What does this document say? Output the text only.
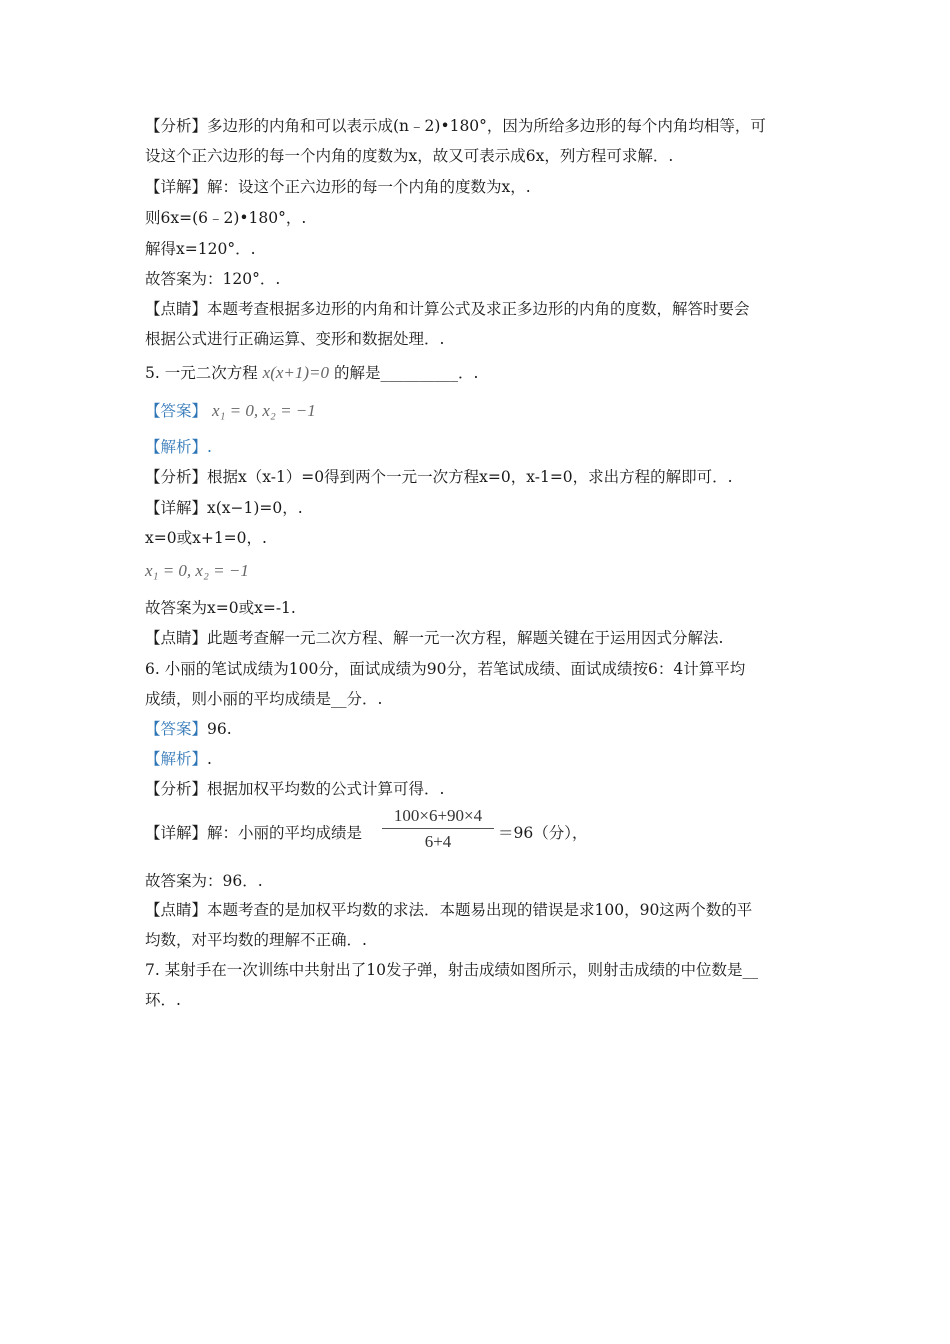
【分析】多边形的内角和可以表示成(n﹣2)•180°，因为所给多边形的每个内角均相等，可
设这个正六边形的每一个内角的度数为x，故又可表示成6x，列方程可求解．.
【详解】解：设这个正六边形的每一个内角的度数为x，.
则6x=(6﹣2)•180°，.
解得x=120°．.
故答案为：120°．.
【点睛】本题考查根据多边形的内角和计算公式及求正多边形的内角的度数，解答时要会
根据公式进行正确运算、变形和数据处理．.
5. 一元二次方程 x(x+1)=0 的解是__________．.
【答案】 x₁ = 0, x₂ = −1
【解析】.
【分析】根据x（x-1）=0得到两个一元一次方程x=0，x-1=0，求出方程的解即可．.
【详解】x(x−1)=0，.
x=0或x+1=0，.
x₁ = 0, x₂ = −1
故答案为x=0或x=-1.
【点睛】此题考查解一元二次方程、解一元一次方程，解题关键在于运用因式分解法.
6. 小丽的笔试成绩为100分，面试成绩为90分，若笔试成绩、面试成绩按6：4计算平均
成绩，则小丽的平均成绩是__分．.
【答案】96.
【解析】.
【分析】根据加权平均数的公式计算可得．.
【详解】解：小丽的平均成绩是 $\frac{100\times 6+90\times 4}{6+4} =96$（分），
故答案为：96．.
【点睛】本题考查的是加权平均数的求法．本题易出现的错误是求100，90这两个数的平
均数，对平均数的理解不正确．.
7. 某射手在一次训练中共射出了10发子弹，射击成绩如图所示，则射击成绩的中位数是__
环．.
